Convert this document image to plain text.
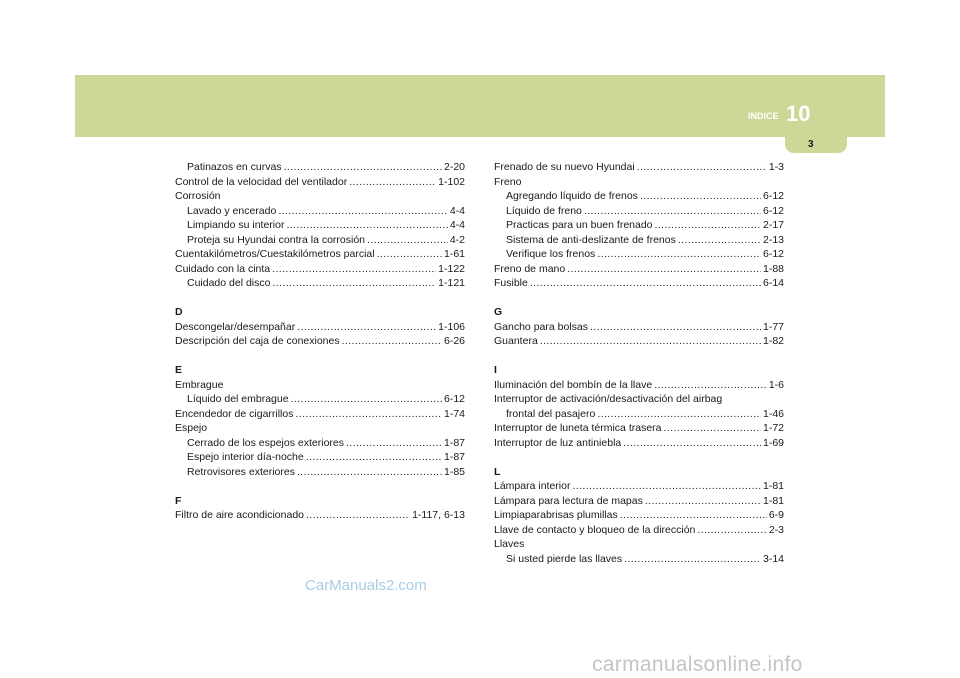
INDICE 10
3
Patinazos en curvas .....	2-20
Control de la velocidad del ventilador .....	1-102
Corrosión
Lavado y encerado .....	4-4
Limpiando su interior .....	4-4
Proteja su Hyundai contra la corrosión .....	4-2
Cuentakilómetros/Cuestakilómetros parcial .....	1-61
Cuidado con la cinta .....	1-122
Cuidado del disco .....	1-121
D
Descongelar/desempañar .....	1-106
Descripción del caja de conexiones .....	6-26
E
Embrague
Líquido del embrague .....	6-12
Encendedor de cigarrillos .....	1-74
Espejo
Cerrado de los espejos exteriores .....	1-87
Espejo interior día-noche .....	1-87
Retrovisores exteriores .....	1-85
F
Filtro de aire acondicionado .....	1-117, 6-13
Frenado de su nuevo Hyundai .....	1-3
Freno
Agregando líquido de frenos .....	6-12
Líquido de freno .....	6-12
Practicas para un buen frenado .....	2-17
Sistema de anti-deslizante de frenos .....	2-13
Verifique los frenos .....	6-12
Freno de mano .....	1-88
Fusible .....	6-14
G
Gancho para bolsas .....	1-77
Guantera .....	1-82
I
Iluminación del bombín de la llave .....	1-6
Interruptor de activación/desactivación del airbag
frontal del pasajero .....	1-46
Interruptor de luneta térmica trasera .....	1-72
Interruptor de luz antiniebla .....	1-69
L
Lámpara interior .....	1-81
Lámpara para lectura de mapas .....	1-81
Limpiaparabrisas plumillas .....	6-9
Llave de contacto y bloqueo de la dirección .....	2-3
Llaves
Si usted pierde las llaves .....	3-14
CarManuals2.com
carmanualsonline.info
